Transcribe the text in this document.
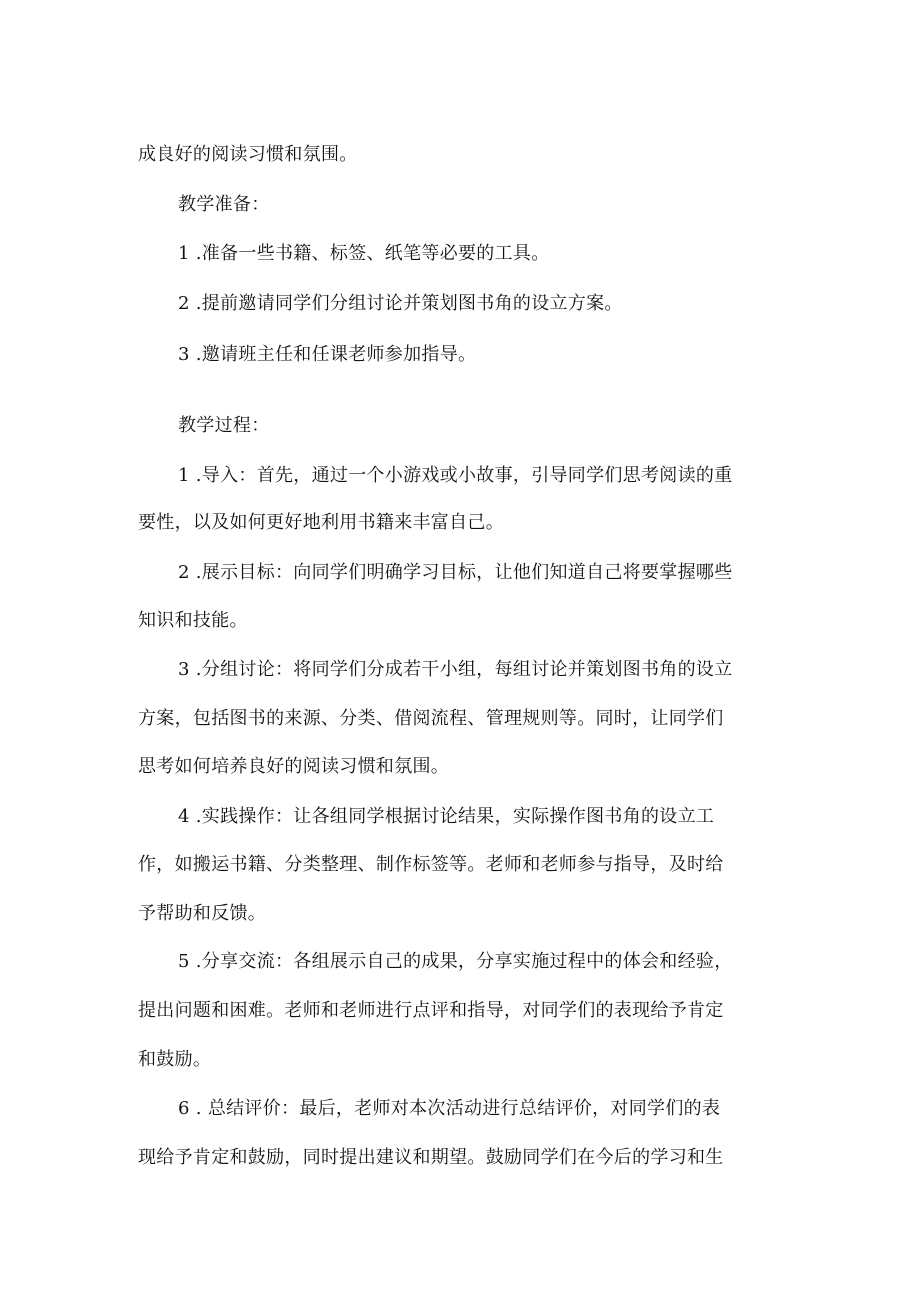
成良好的阅读习惯和氛围。
教学准备：
1 .准备一些书籍、标签、纸笔等必要的工具。
2 .提前邀请同学们分组讨论并策划图书角的设立方案。
3 .邀请班主任和任课老师参加指导。
教学过程：
1 .导入：首先，通过一个小游戏或小故事，引导同学们思考阅读的重
要性，以及如何更好地利用书籍来丰富自己。
2 .展示目标：向同学们明确学习目标，让他们知道自己将要掌握哪些
知识和技能。
3 .分组讨论：将同学们分成若干小组，每组讨论并策划图书角的设立
方案，包括图书的来源、分类、借阅流程、管理规则等。同时，让同学们
思考如何培养良好的阅读习惯和氛围。
4 .实践操作：让各组同学根据讨论结果，实际操作图书角的设立工
作，如搬运书籍、分类整理、制作标签等。老师和老师参与指导，及时给
予帮助和反馈。
5 .分享交流：各组展示自己的成果，分享实施过程中的体会和经验，
提出问题和困难。老师和老师进行点评和指导，对同学们的表现给予肯定
和鼓励。
6 . 总结评价：最后，老师对本次活动进行总结评价，对同学们的表
现给予肯定和鼓励，同时提出建议和期望。鼓励同学们在今后的学习和生
